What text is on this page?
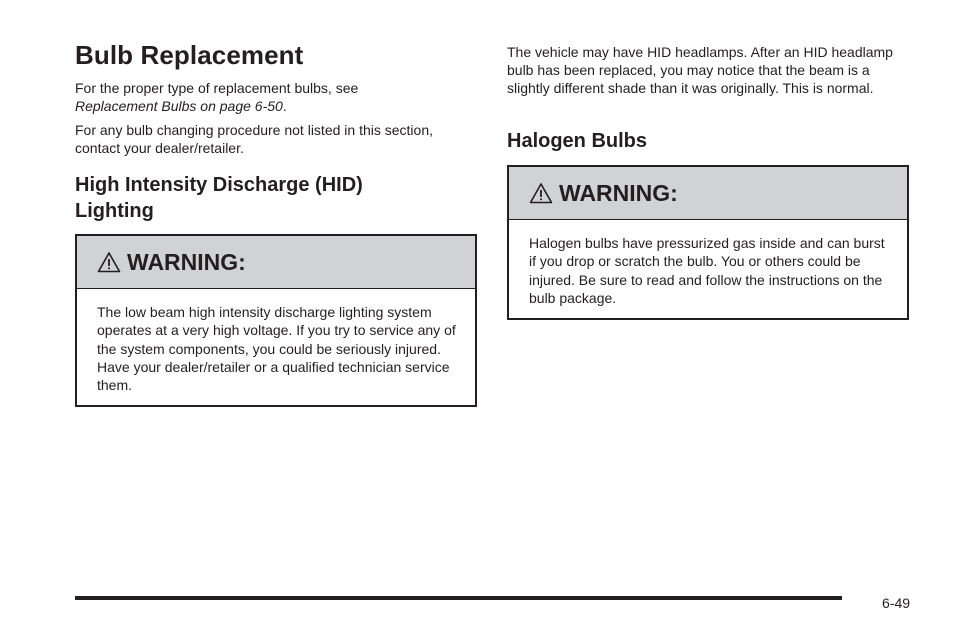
Bulb Replacement

For the proper type of replacement bulbs, see
Replacement Bulbs on page 6-50.

For any bulb changing procedure not listed in this section, contact your dealer/retailer.

High Intensity Discharge (HID) Lighting
WARNING:
The low beam high intensity discharge lighting system operates at a very high voltage. If you try to service any of the system components, you could be seriously injured. Have your dealer/retailer or a qualified technician service them.

The vehicle may have HID headlamps. After an HID headlamp bulb has been replaced, you may notice that the beam is a slightly different shade than it was originally. This is normal.

Halogen Bulbs
WARNING:
Halogen bulbs have pressurized gas inside and can burst if you drop or scratch the bulb. You or others could be injured. Be sure to read and follow the instructions on the bulb package.
6-49
